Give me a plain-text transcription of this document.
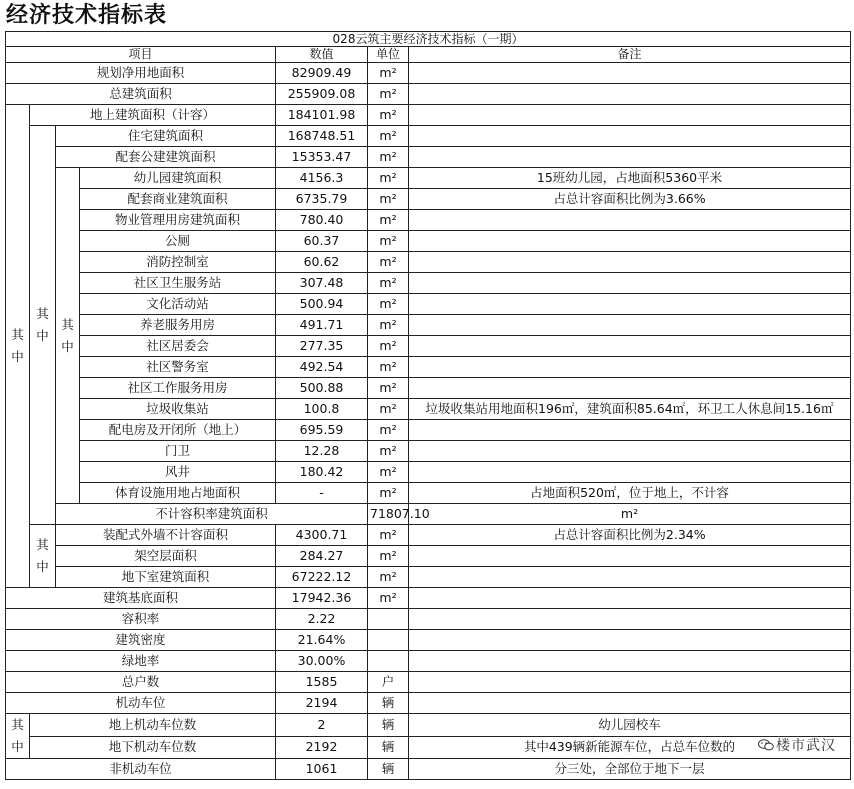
经济技术指标表
028云筑主要经济技术指标（一期）							
项目				数值	单位	备注	
规划净用地面积				82909.49	m²		
总建筑面积				255909.08	m²		
其
中	地上建筑面积（计容）			184101.98	m²		
	其
中	住宅建筑面积		168748.51	m²		
		配套公建建筑面积		15353.47	m²		
		其
中	幼儿园建筑面积	4156.3	m²	15班幼儿园，占地面积5360平米	
			配套商业建筑面积	6735.79	m²	占总计容面积比例为3.66%	
			物业管理用房建筑面积	780.40	m²		
			公厕	60.37	m²		
			消防控制室	60.62	m²		
			社区卫生服务站	307.48	m²		
			文化活动站	500.94	m²		
			养老服务用房	491.71	m²		
			社区居委会	277.35	m²		
			社区警务室	492.54	m²		
			社区工作服务用房	500.88	m²		
			垃圾收集站	100.8	m²	垃圾收集站用地面积196㎡，建筑面积85.64㎡，环卫工人休息间15.16㎡	
			配电房及开闭所（地上）	695.59	m²		
			门卫	12.28	m²		
			风井	180.42	m²		
			体育设施用地占地面积	-	m²	占地面积520㎡，位于地上，不计容	
		不计容积率建筑面积			71807.10	m²	
	其
中	装配式外墙不计容面积		4300.71	m²	占总计容面积比例为2.34%	
		架空层面积		284.27	m²		
		地下室建筑面积		67222.12	m²		
建筑基底面积				17942.36	m²		
容积率				2.22			
建筑密度				21.64%			
绿地率				30.00%			
总户数				1585	户		
机动车位				2194	辆		
其
中	地上机动车位数			2	辆	幼儿园校车	
	地下机动车位数			2192	辆	其中439辆新能源车位，占总车位数的 楼市武汉	

非机动车位				1061	辆	分三处，全部位于地下一层	
